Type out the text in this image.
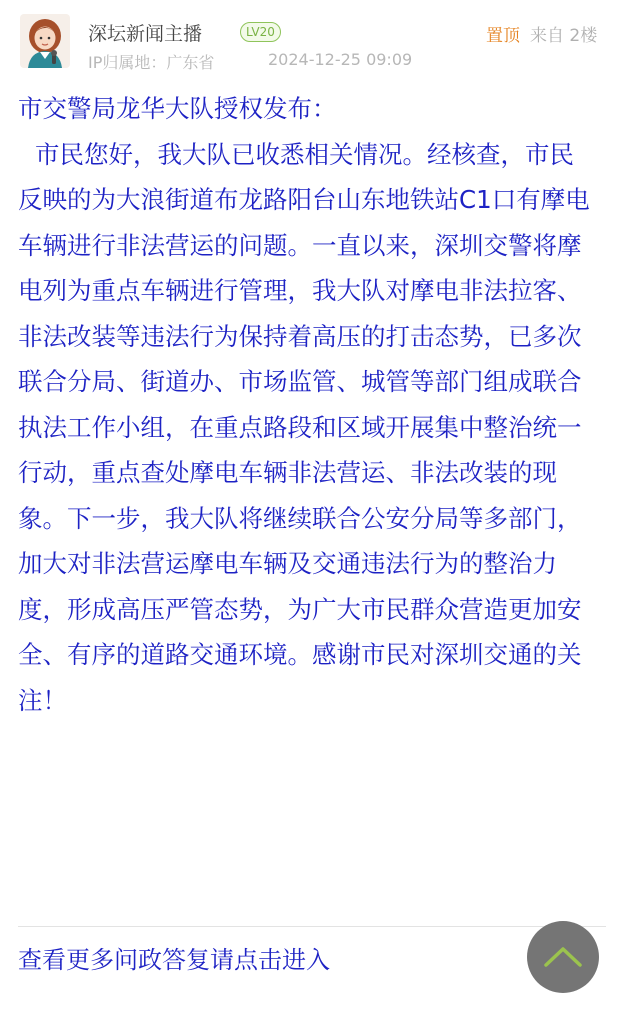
深坛新闻主播	LV20
IP归属地：广东省	2024-12-25 09:09
置顶 来自 2楼

市交警局龙华大队授权发布：

市民您好，我大队已收悉相关情况。经核查，市民反映的为大浪街道布龙路阳台山东地铁站C1口有摩电车辆进行非法营运的问题。一直以来，深圳交警将摩电列为重点车辆进行管理，我大队对摩电非法拉客、非法改装等违法行为保持着高压的打击态势，已多次联合分局、街道办、市场监管、城管等部门组成联合执法工作小组，在重点路段和区域开展集中整治统一行动，重点查处摩电车辆非法营运、非法改装的现象。下一步，我大队将继续联合公安分局等多部门，加大对非法营运摩电车辆及交通违法行为的整治力度，形成高压严管态势，为广大市民群众营造更加安全、有序的道路交通环境。感谢市民对深圳交通的关注！

查看更多问政答复请点击进入
